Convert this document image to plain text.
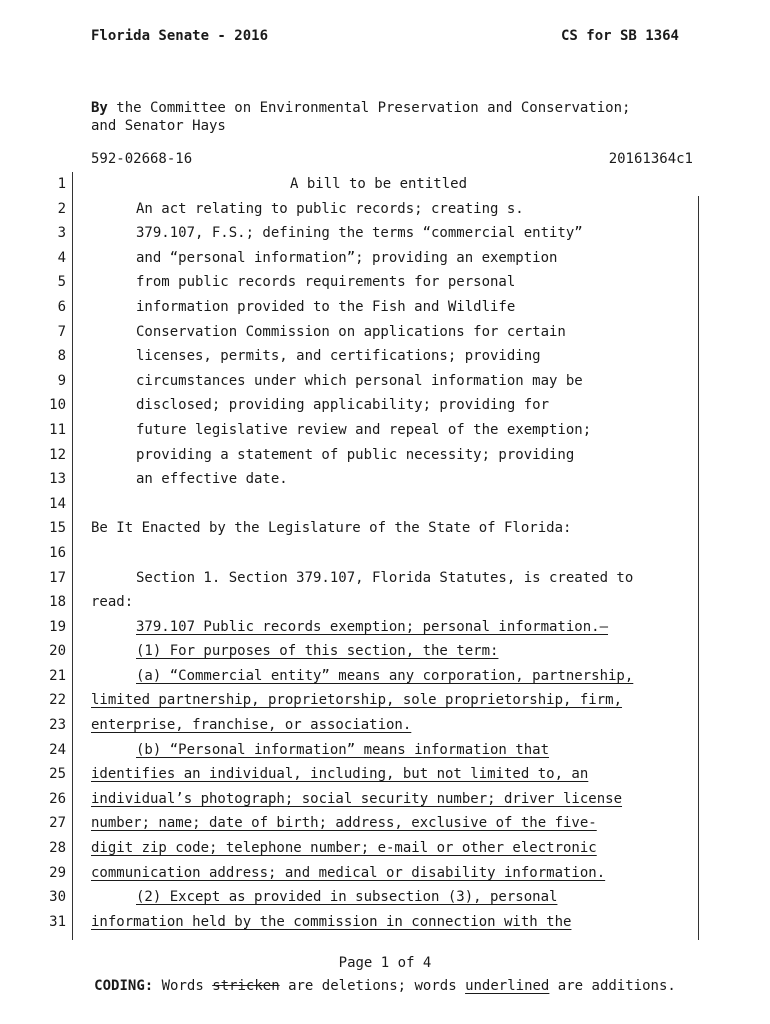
Florida Senate - 2016	CS for SB 1364
By the Committee on Environmental Preservation and Conservation;
and Senator Hays
592-02668-16	20161364c1
1	A bill to be entitled
2	An act relating to public records; creating s.
3	379.107, F.S.; defining the terms “commercial entity”
4	and “personal information”; providing an exemption
5	from public records requirements for personal
6	information provided to the Fish and Wildlife
7	Conservation Commission on applications for certain
8	licenses, permits, and certifications; providing
9	circumstances under which personal information may be
10	disclosed; providing applicability; providing for
11	future legislative review and repeal of the exemption;
12	providing a statement of public necessity; providing
13	an effective date.
14
15 Be It Enacted by the Legislature of the State of Florida:
16
17	Section 1. Section 379.107, Florida Statutes, is created to
18 read:
19	379.107 Public records exemption; personal information.—
20	(1) For purposes of this section, the term:
21	(a) “Commercial entity” means any corporation, partnership,
22 limited partnership, proprietorship, sole proprietorship, firm,
23 enterprise, franchise, or association.
24	(b) “Personal information” means information that
25 identifies an individual, including, but not limited to, an
26 individual’s photograph; social security number; driver license
27 number; name; date of birth; address, exclusive of the five-
28 digit zip code; telephone number; e-mail or other electronic
29 communication address; and medical or disability information.
30	(2) Except as provided in subsection (3), personal
31 information held by the commission in connection with the
Page 1 of 4
CODING: Words stricken are deletions; words underlined are additions.
